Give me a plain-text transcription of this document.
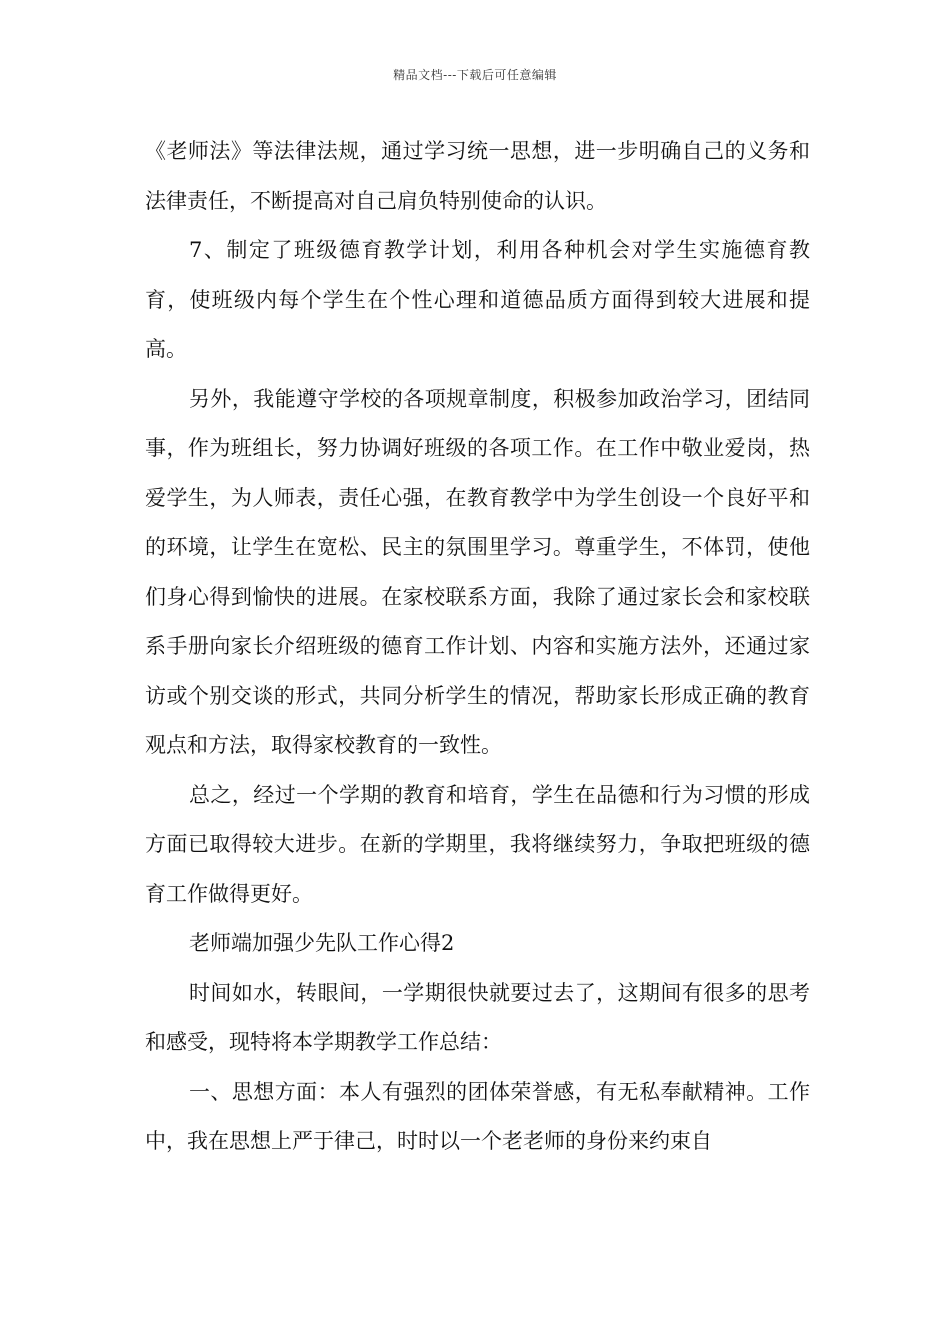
精品文档---下载后可任意编辑

《老师法》等法律法规，通过学习统一思想，进一步明确自己的义务和法律责任，不断提高对自己肩负特别使命的认识。

7、制定了班级德育教学计划，利用各种机会对学生实施德育教育，使班级内每个学生在个性心理和道德品质方面得到较大进展和提高。

另外，我能遵守学校的各项规章制度，积极参加政治学习，团结同事，作为班组长，努力协调好班级的各项工作。在工作中敬业爱岗，热爱学生，为人师表，责任心强，在教育教学中为学生创设一个良好平和的环境，让学生在宽松、民主的氛围里学习。尊重学生，不体罚，使他们身心得到愉快的进展。在家校联系方面，我除了通过家长会和家校联系手册向家长介绍班级的德育工作计划、内容和实施方法外，还通过家访或个别交谈的形式，共同分析学生的情况，帮助家长形成正确的教育观点和方法，取得家校教育的一致性。

总之，经过一个学期的教育和培育，学生在品德和行为习惯的形成方面已取得较大进步。在新的学期里，我将继续努力，争取把班级的德育工作做得更好。

老师端加强少先队工作心得2

时间如水，转眼间，一学期很快就要过去了，这期间有很多的思考和感受，现特将本学期教学工作总结：

一、思想方面：本人有强烈的团体荣誉感，有无私奉献精神。工作中，我在思想上严于律己，时时以一个老老师的身份来约束自
